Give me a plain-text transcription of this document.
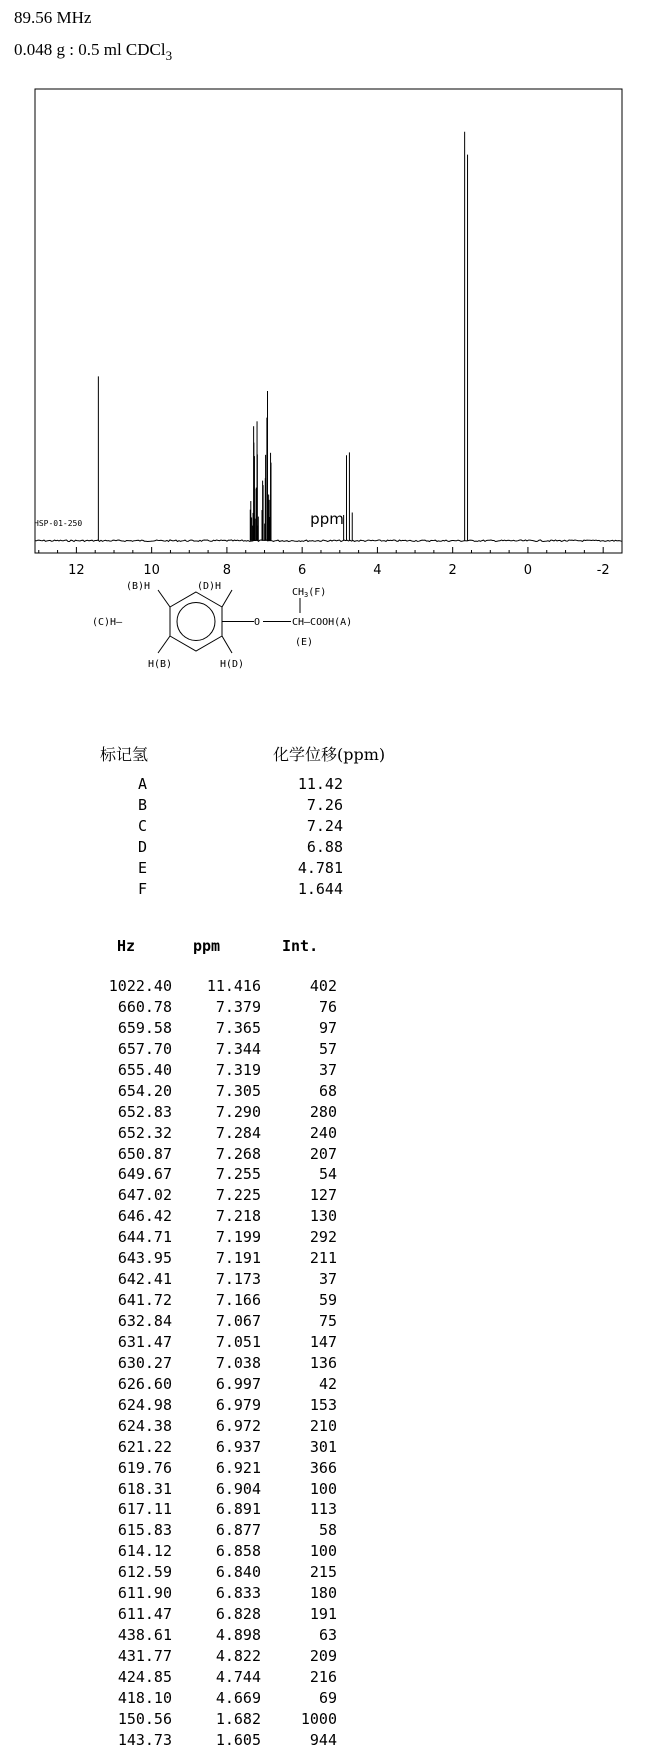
89.56 MHz
0.048 g : 0.5 ml CDCl$_3$
12	10	8	6	4	2	0	-2
ppm
HSP-01-250
(B)H	(D)H
(C)H—	O
$CH_3(F)$
CH—COOH(A)
(E)
H(B)	H(D)
标记氢	化学位移(ppm)
A	11.42
B	7.26
C	7.24
D	6.88
E	4.781
F	1.644
Hz	ppm	Int.
1022.40	11.416	402
660.78	7.379	76
659.58	7.365	97
657.70	7.344	57
655.40	7.319	37
654.20	7.305	68
652.83	7.290	280
652.32	7.284	240
650.87	7.268	207
649.67	7.255	54
647.02	7.225	127
646.42	7.218	130
644.71	7.199	292
643.95	7.191	211
642.41	7.173	37
641.72	7.166	59
632.84	7.067	75
631.47	7.051	147
630.27	7.038	136
626.60	6.997	42
624.98	6.979	153
624.38	6.972	210
621.22	6.937	301
619.76	6.921	366
618.31	6.904	100
617.11	6.891	113
615.83	6.877	58
614.12	6.858	100
612.59	6.840	215
611.90	6.833	180
611.47	6.828	191
438.61	4.898	63
431.77	4.822	209
424.85	4.744	216
418.10	4.669	69
150.56	1.682	1000
143.73	1.605	944
